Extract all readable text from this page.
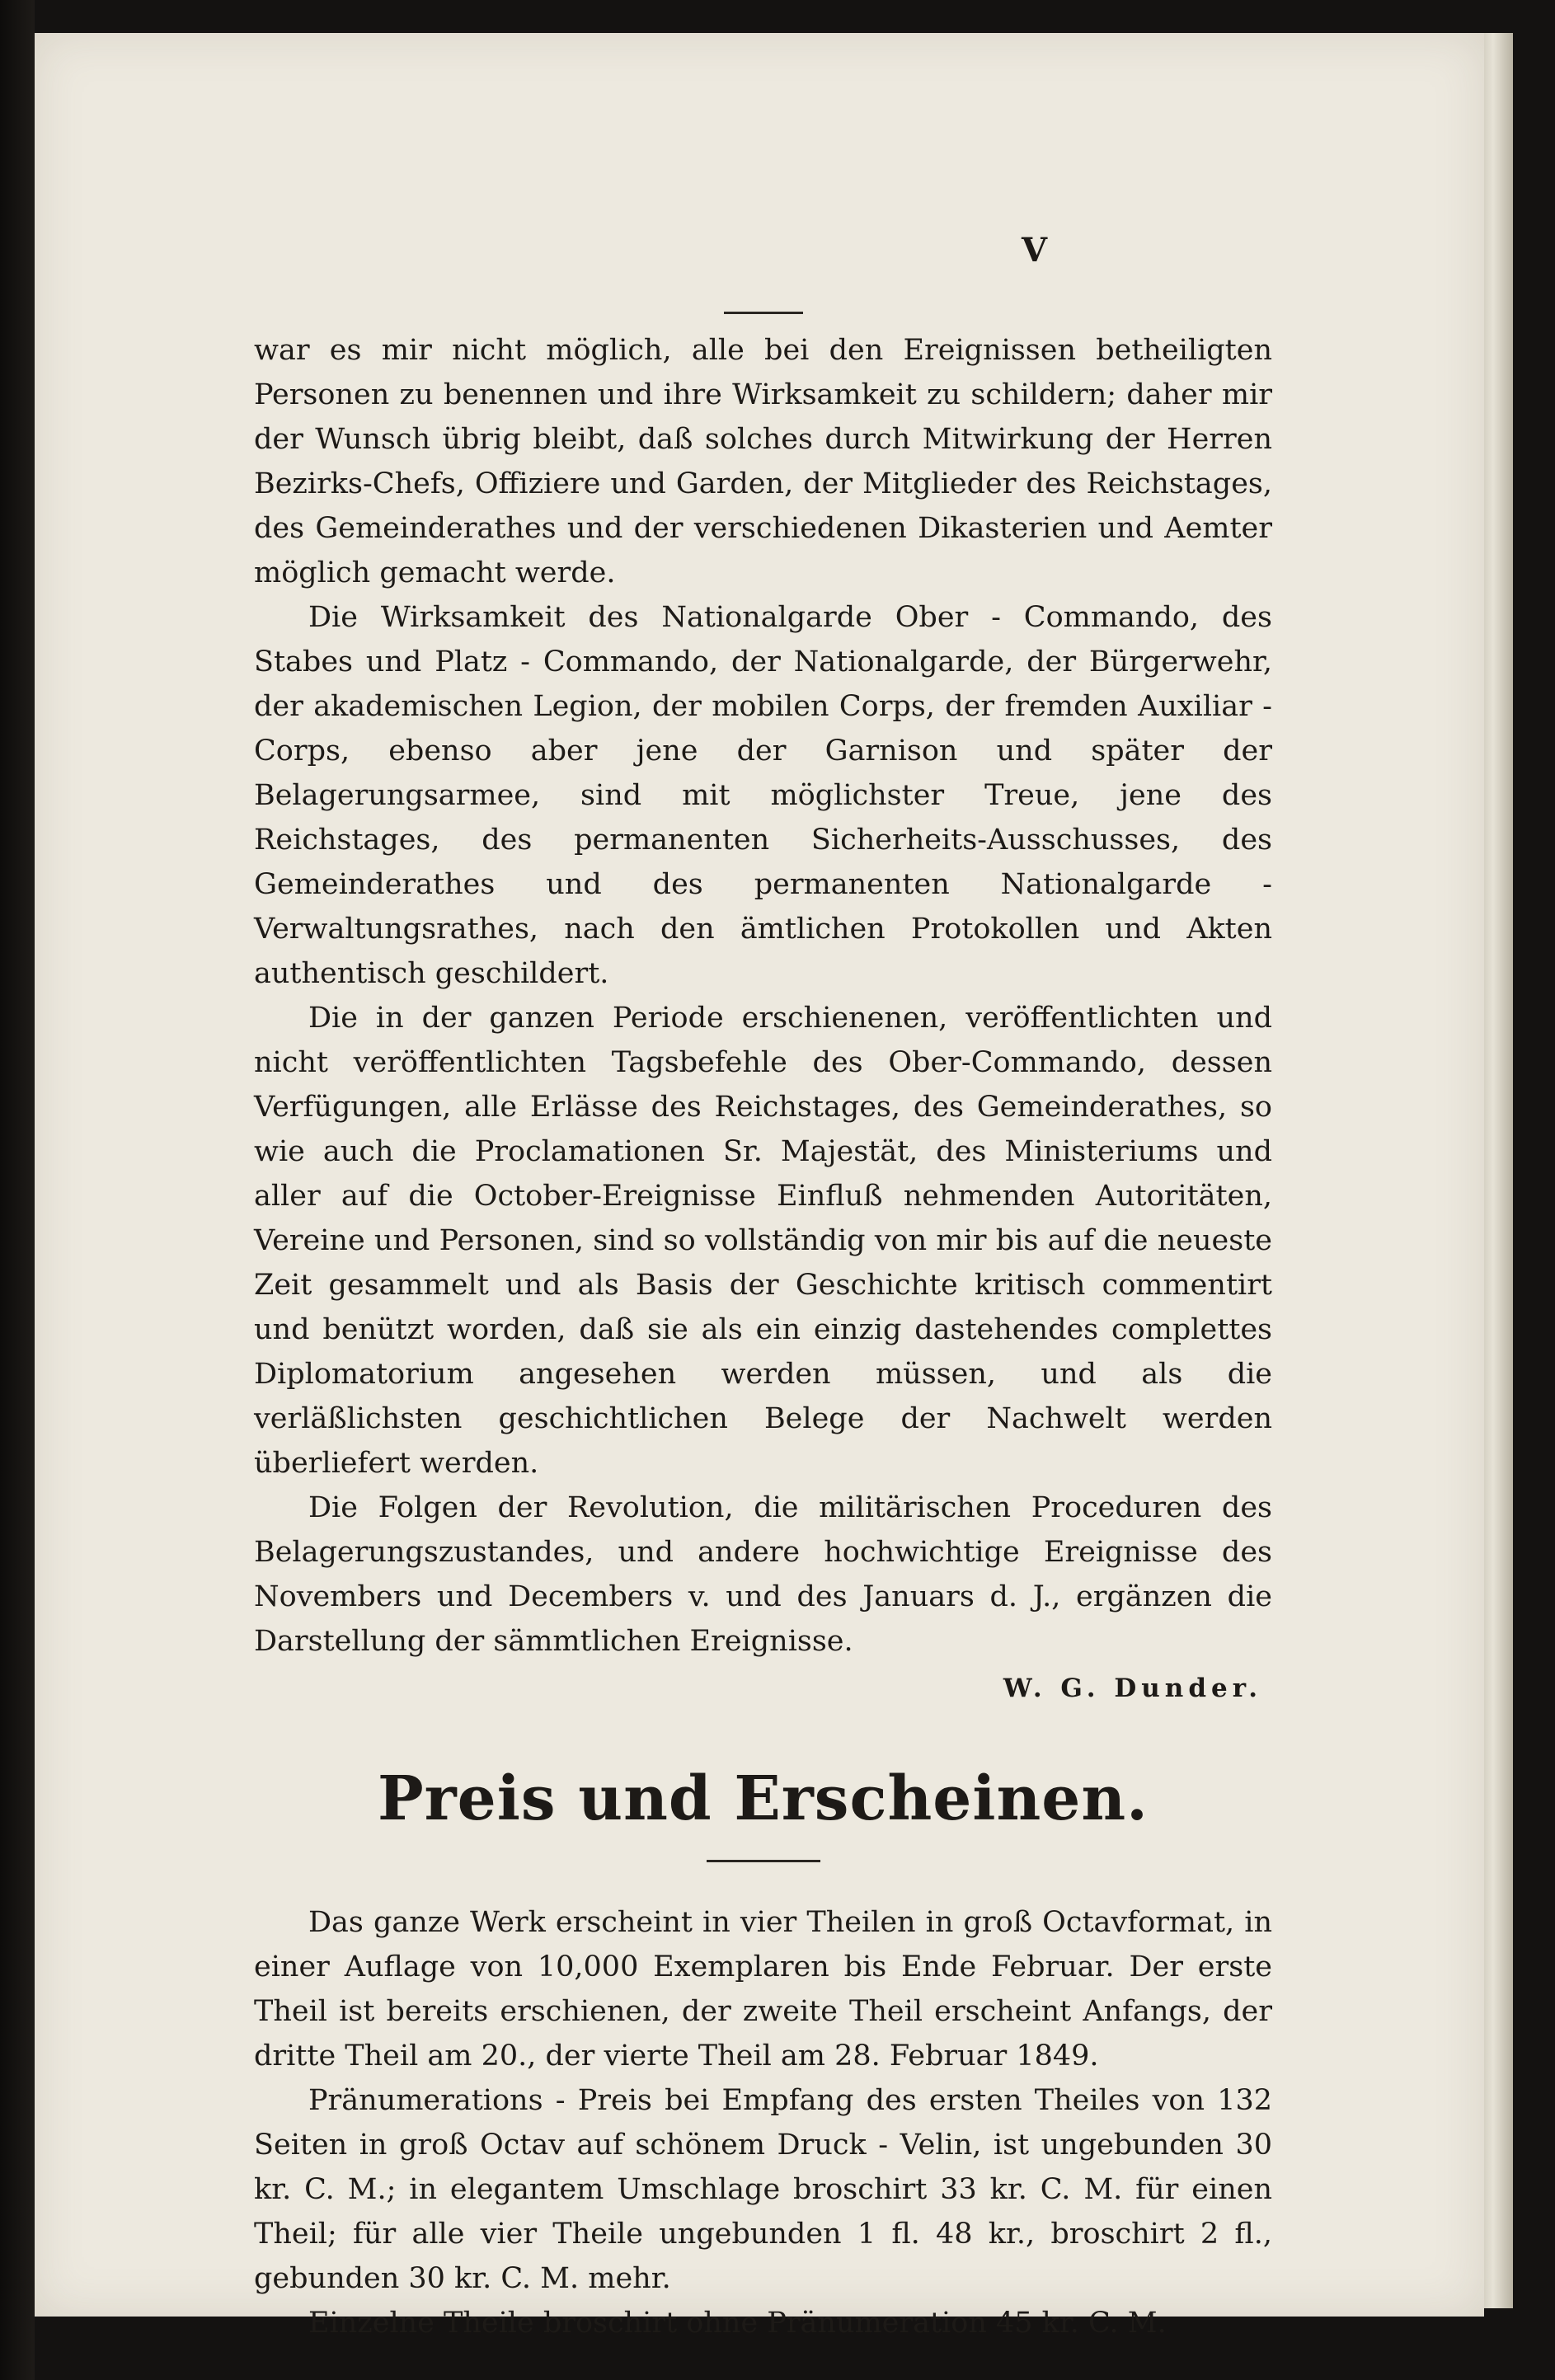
V

war es mir nicht möglich, alle bei den Ereignissen betheiligten Personen zu benennen und ihre Wirksamkeit zu schildern; daher mir der Wunsch übrig bleibt, daß solches durch Mitwirkung der Herren Bezirks-Chefs, Offiziere und Garden, der Mitglieder des Reichstages, des Gemeinderathes und der verschiedenen Dikasterien und Aemter möglich gemacht werde.

Die Wirksamkeit des Nationalgarde Ober - Commando, des Stabes und Platz - Commando, der Nationalgarde, der Bürgerwehr, der akademischen Legion, der mobilen Corps, der fremden Auxiliar - Corps, ebenso aber jene der Garnison und später der Belagerungsarmee, sind mit möglichster Treue, jene des Reichstages, des permanenten Sicherheits-Ausschusses, des Gemeinderathes und des permanenten Nationalgarde - Verwaltungsrathes, nach den ämtlichen Protokollen und Akten authentisch geschildert.

Die in der ganzen Periode erschienenen, veröffentlichten und nicht veröffentlichten Tagsbefehle des Ober-Commando, dessen Verfügungen, alle Erlässe des Reichstages, des Gemeinderathes, so wie auch die Proclamationen Sr. Majestät, des Ministeriums und aller auf die October-Ereignisse Einfluß nehmenden Autoritäten, Vereine und Personen, sind so vollständig von mir bis auf die neueste Zeit gesammelt und als Basis der Geschichte kritisch commentirt und benützt worden, daß sie als ein einzig dastehendes complettes Diplomatorium angesehen werden müssen, und als die verläßlichsten geschichtlichen Belege der Nachwelt werden überliefert werden.

Die Folgen der Revolution, die militärischen Proceduren des Belagerungszustandes, und andere hochwichtige Ereignisse des Novembers und Decembers v. und des Januars d. J., ergänzen die Darstellung der sämmtlichen Ereignisse.

W. G. Dunder.

Preis und Erscheinen.

Das ganze Werk erscheint in vier Theilen in groß Octavformat, in einer Auflage von 10,000 Exemplaren bis Ende Februar. Der erste Theil ist bereits erschienen, der zweite Theil erscheint Anfangs, der dritte Theil am 20., der vierte Theil am 28. Februar 1849.

Pränumerations - Preis bei Empfang des ersten Theiles von 132 Seiten in groß Octav auf schönem Druck - Velin, ist ungebunden 30 kr. C. M.; in elegantem Umschlage broschirt 33 kr. C. M. für einen Theil; für alle vier Theile ungebunden 1 fl. 48 kr., broschirt 2 fl., gebunden 30 kr. C. M. mehr.

Einzelne Theile broschirt ohne Pränumeration 45 kr. C. M.
